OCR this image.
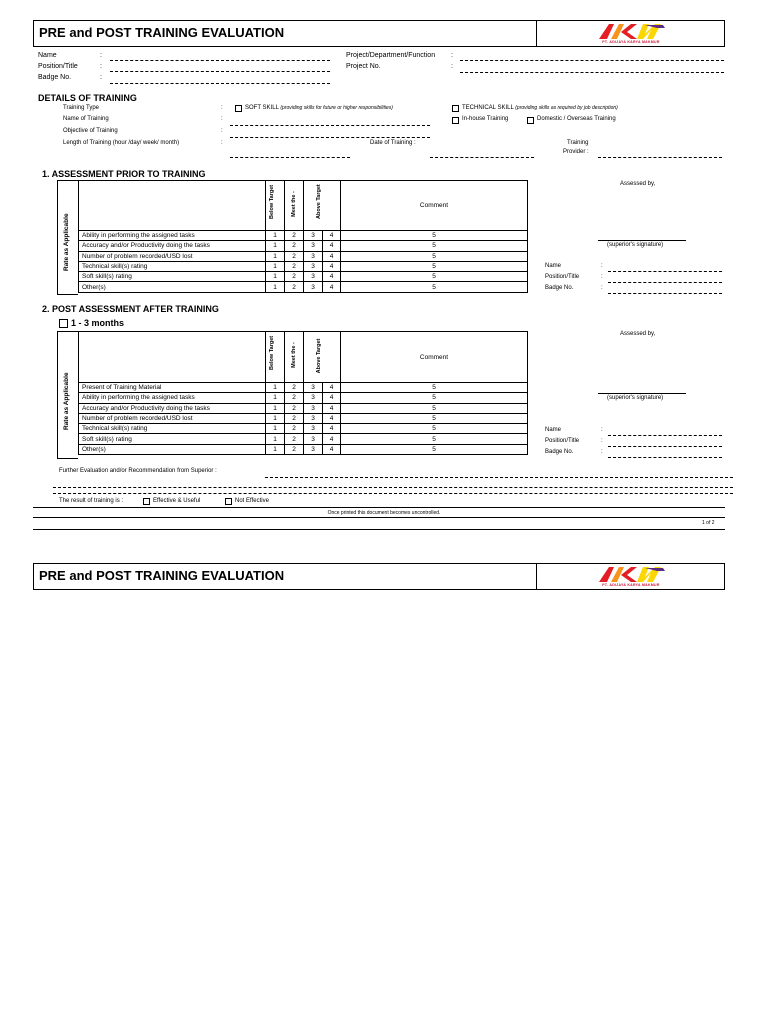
PRE and POST TRAINING EVALUATION
PT. ADIJAYA KARYA MAKMUR
Name	:
Position/Title	:
Badge No.	:
Project/Department/Function :
Project No.	:
DETAILS OF TRAINING
Training Type	:	SOFT SKILL (providing skills for future or higher responsibilities)	TECHNICAL SKILL (providing skills as required by job description)
Name of Training	:	In-house Training	Domestic / Overseas Training
Objective of Training	:
Length of Training (hour /day/ week/ month)	:	Date of Training :	Training
Provider :
1. ASSESSMENT PRIOR TO TRAINING
Rate as Applicable

	Below Target	Meet the -	Above Target		Comment	
Ability in performing the assigned tasks	1	2	3	4	5	
Accuracy and/or Productivity doing the tasks	1	2	3	4	5	
Number of problem recorded/USD lost	1	2	3	4	5	
Technical skill(s) rating	1	2	3	4	5	
Soft skill(s) rating	1	2	3	4	5	
Other(s)	1	2	3	4	5	
Assessed by,
(superior's signature)
Name	:
Position/Title	:
Badge No.	:
2. POST ASSESSMENT AFTER TRAINING
1 - 3 months
Rate as Applicable

	Below Target	Meet the -	Above Target		Comment	
Present of Training Material	1	2	3	4	5	
Ability in performing the assigned tasks	1	2	3	4	5	
Accuracy and/or Productivity doing the tasks	1	2	3	4	5	
Number of problem recorded/USD lost	1	2	3	4	5	
Technical skill(s) rating	1	2	3	4	5	
Soft skill(s) rating	1	2	3	4	5	
Other(s)	1	2	3	4	5	
Assessed by,
(superior's signature)
Name	:
Position/Title	:
Badge No.	:
Further Evaluation and/or Recommendation from Superior :
The result of training is :	Effective & Useful	Not Effective
Once printed this document becomes uncontrolled.
1 of 2
PRE and POST TRAINING EVALUATION
PT. ADIJAYA KARYA MAKMUR
